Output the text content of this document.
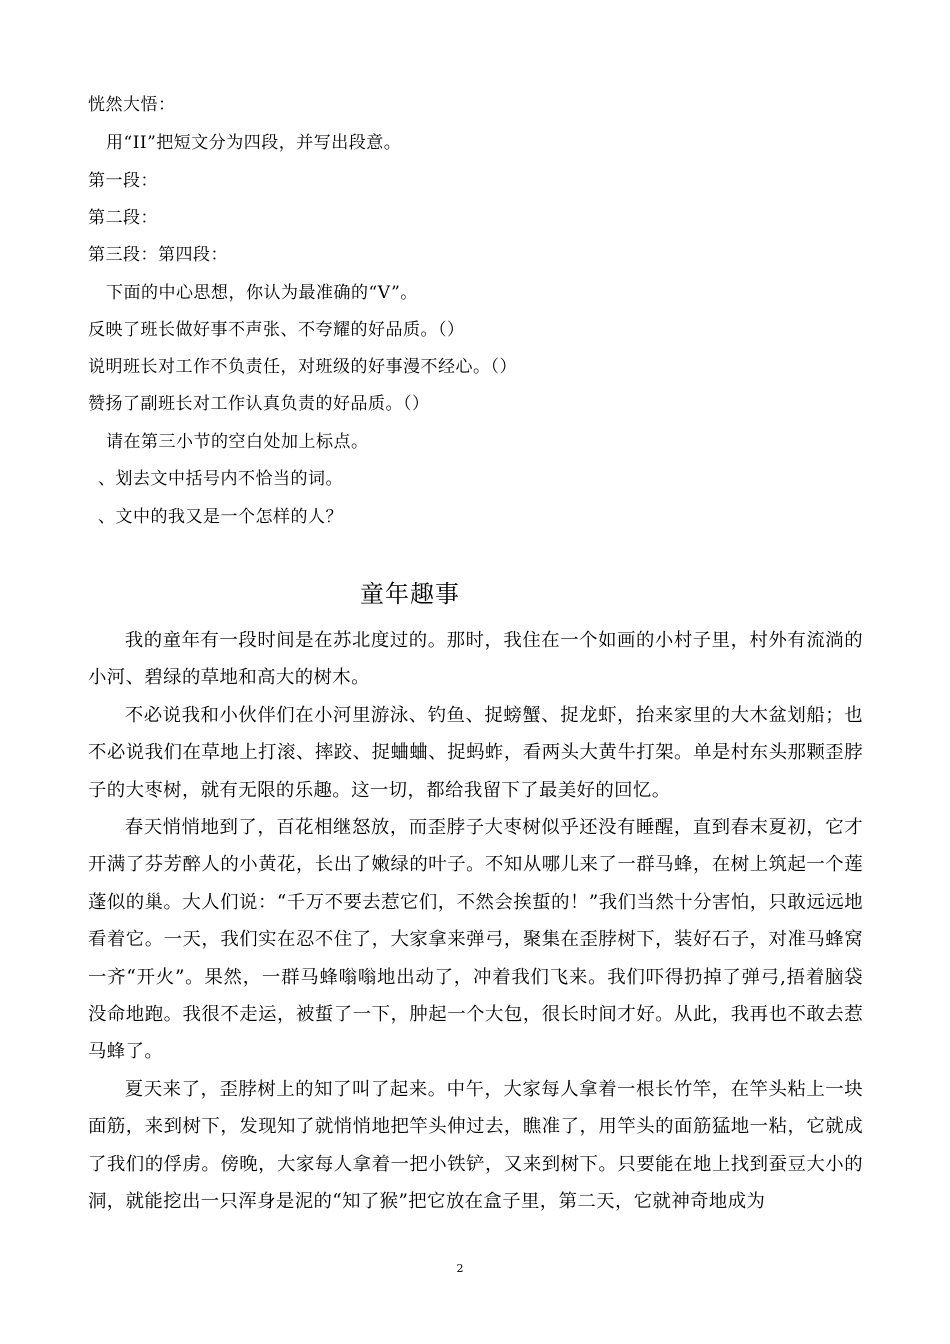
恍然大悟：
用“II”把短文分为四段，并写出段意。
第一段：
第二段：
第三段：第四段：
下面的中心思想，你认为最准确的“V”。
反映了班长做好事不声张、不夸耀的好品质。（）
说明班长对工作不负责任，对班级的好事漫不经心。（）
赞扬了副班长对工作认真负责的好品质。（）
请在第三小节的空白处加上标点。
、划去文中括号内不恰当的词。
、文中的我又是一个怎样的人？
童年趣事

我的童年有一段时间是在苏北度过的。那时，我住在一个如画的小村子里，村外有流淌的小河、碧绿的草地和高大的树木。

不必说我和小伙伴们在小河里游泳、钓鱼、捉螃蟹、捉龙虾，抬来家里的大木盆划船；也不必说我们在草地上打滚、摔跤、捉蛐蛐、捉蚂蚱，看两头大黄牛打架。单是村东头那颗歪脖子的大枣树，就有无限的乐趣。这一切，都给我留下了最美好的回忆。

春天悄悄地到了，百花相继怒放，而歪脖子大枣树似乎还没有睡醒，直到春末夏初，它才开满了芬芳醉人的小黄花，长出了嫩绿的叶子。不知从哪儿来了一群马蜂，在树上筑起一个莲蓬似的巢。大人们说：“千万不要去惹它们，不然会挨蜇的！”我们当然十分害怕，只敢远远地看着它。一天，我们实在忍不住了，大家拿来弹弓，聚集在歪脖树下，装好石子，对准马蜂窝一齐“开火”。果然，一群马蜂嗡嗡地出动了，冲着我们飞来。我们吓得扔掉了弹弓,捂着脑袋没命地跑。我很不走运，被蜇了一下，肿起一个大包，很长时间才好。从此，我再也不敢去惹马蜂了。

夏天来了，歪脖树上的知了叫了起来。中午，大家每人拿着一根长竹竿，在竿头粘上一块面筋，来到树下，发现知了就悄悄地把竿头伸过去，瞧准了，用竿头的面筋猛地一粘，它就成了我们的俘虏。傍晚，大家每人拿着一把小铁铲，又来到树下。只要能在地上找到蚕豆大小的洞，就能挖出一只浑身是泥的“知了猴”把它放在盒子里，第二天，它就神奇地成为

2
